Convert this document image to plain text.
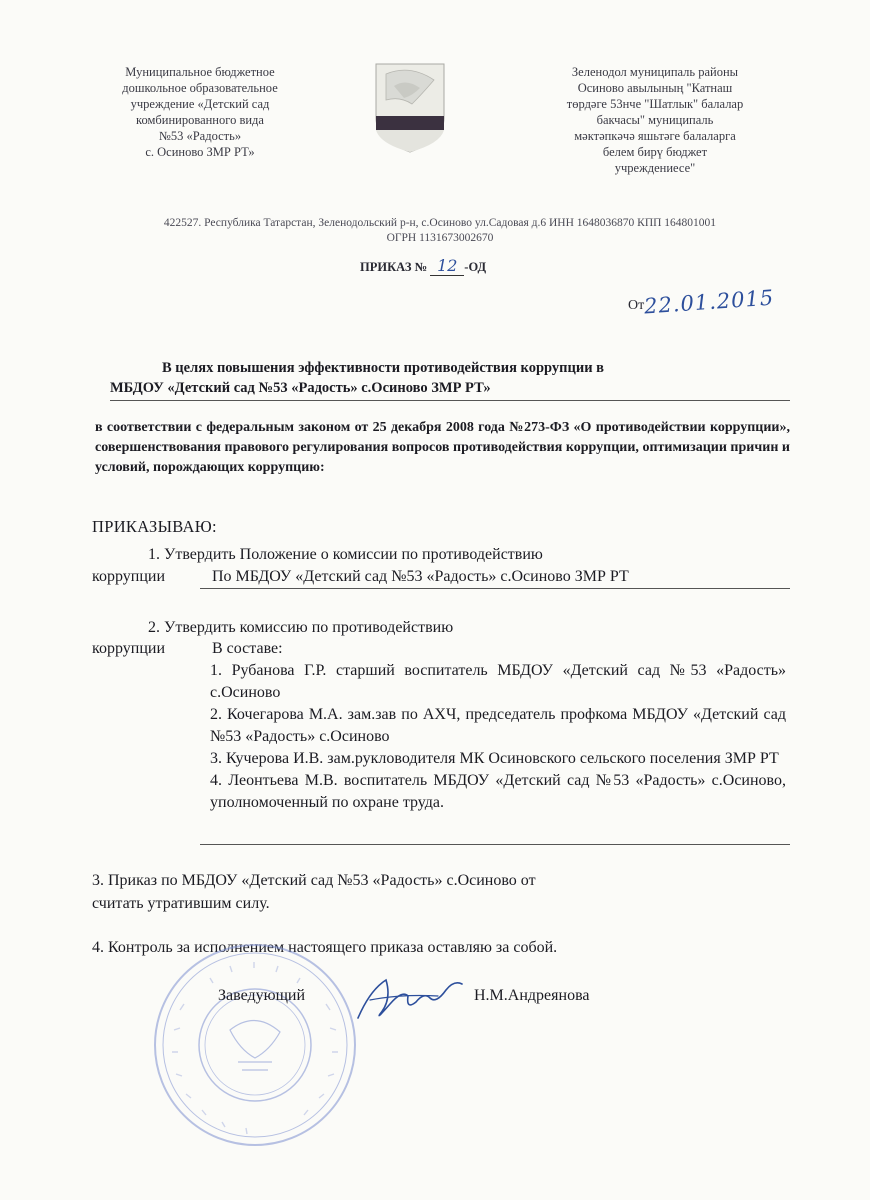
Муниципальное бюджетное
дошкольное образовательное
учреждение «Детский сад
комбинированного вида
№53 «Радость»
с. Осиново ЗМР РТ»
Зеленодол муниципаль районы
Осиново авылының "Катнаш
төрдәге 53нче "Шатлык" балалар
бакчасы" муниципаль
мәктәпкәчә яшьтәге балаларга
белем бирү бюджет
учреждениесе"
422527. Республика Татарстан, Зеленодольский р-н, с.Осиново ул.Садовая д.6 ИНН 1648036870 КПП 164801001
ОГРН 1131673002670
ПРИКАЗ № 12 -ОД
От22.01.2015
В целях повышения эффективности противодействия коррупции в
МБДОУ «Детский сад №53 «Радость» с.Осиново ЗМР РТ»
в соответствии с федеральным законом от 25 декабря 2008 года №273-ФЗ «О противодействии коррупции», совершенствования правового регулирования вопросов противодействия коррупции, оптимизации причин и условий, порождающих коррупцию:
ПРИКАЗЫВАЮ:
1. Утвердить Положение о комиссии по противодействию
коррупции	По МБДОУ «Детский сад №53 «Радость» с.Осиново ЗМР РТ
2. Утвердить комиссию по противодействию
коррупции	В составе:
1. Рубанова Г.Р. старший воспитатель МБДОУ «Детский сад №53 «Радость» с.Осиново
2. Кочегарова М.А. зам.зав по АХЧ, председатель профкома МБДОУ «Детский сад №53 «Радость» с.Осиново
3. Кучерова И.В. зам.рукловодителя МК Осиновского сельского поселения ЗМР РТ
4. Леонтьева М.В. воспитатель МБДОУ «Детский сад №53 «Радость» с.Осиново, уполномоченный по охране труда.
3. Приказ по МБДОУ «Детский сад №53 «Радость» с.Осиново от
считать утратившим силу.
4. Контроль за исполнением настоящего приказа оставляю за собой.
Заведующий	Н.М.Андреянова
